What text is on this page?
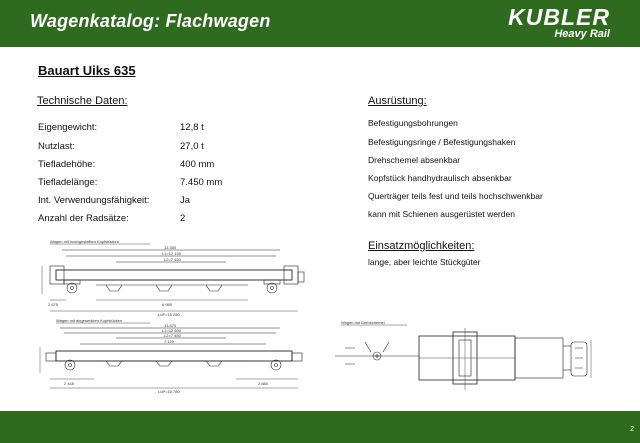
Wagenkatalog: Flachwagen	KUBLER
Heavy Rail
Bauart Uiks 635
Technische Daten:
Eigengewicht:	12,8 t
Nutzlast:	27,0 t
Tiefladehöhe:	400 mm
Tiefladelänge:	7.450 mm
Int. Verwendungsfähigkeit:	Ja
Anzahl der Radsätze:	2
Ausrüstung:
Befestigungsbohrungen
Befestigungsringe / Befestigungshaken
Drehschemel absenkbar
Kopfstück handhydraulisch absenkbar
Querträger teils fest und teils hochschwenkbar
kann mit Schienen ausgerüstet werden
Einsatzmöglichkeiten:
lange, aber leichte Stückgüter
Wagen mit hochgestellten Kopfstücken
13 300
L1=12 100
L2=7 450
2 675	6 950
LüP=15 280
Wagen mit abgesenkten Kopfstücken
13 870
L1=12 600
L2=7 450
7 120
2 445	2 880
LüP=15 780
Wagen mit Drehschemel
2
